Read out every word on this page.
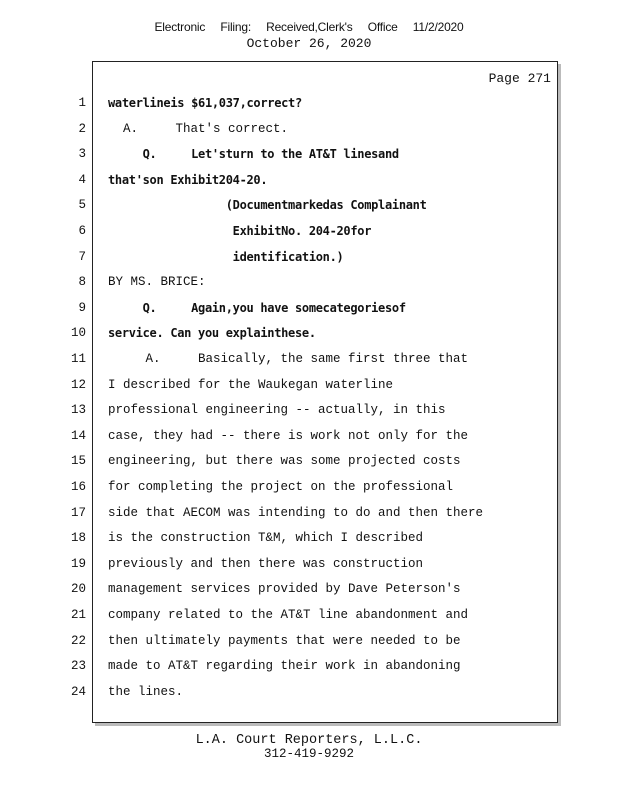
Electronic Filing: Received,Clerk's Office 11/2/2020
October 26, 2020
Page 271
1 waterlineis $61,037,correct?
2 A.     That's correct.
3 Q.     Let'sturn to the AT&T linesand
4 that'son Exhibit204-20.
5 (Documentmarkedas Complainant
6 ExhibitNo. 204-20for
7 identification.)
8 BY MS. BRICE:
9 Q.     Again,you have somecategoriesof
10 service. Can you explainthese.
11 A.     Basically, the same first three that
12 I described for the Waukegan waterline
13 professional engineering -- actually, in this
14 case, they had -- there is work not only for the
15 engineering, but there was some projected costs
16 for completing the project on the professional
17 side that AECOM was intending to do and then there
18 is the construction T&M, which I described
19 previously and then there was construction
20 management services provided by Dave Peterson's
21 company related to the AT&T line abandonment and
22 then ultimately payments that were needed to be
23 made to AT&T regarding their work in abandoning
24 the lines.
L.A. Court Reporters, L.L.C.
312-419-9292
